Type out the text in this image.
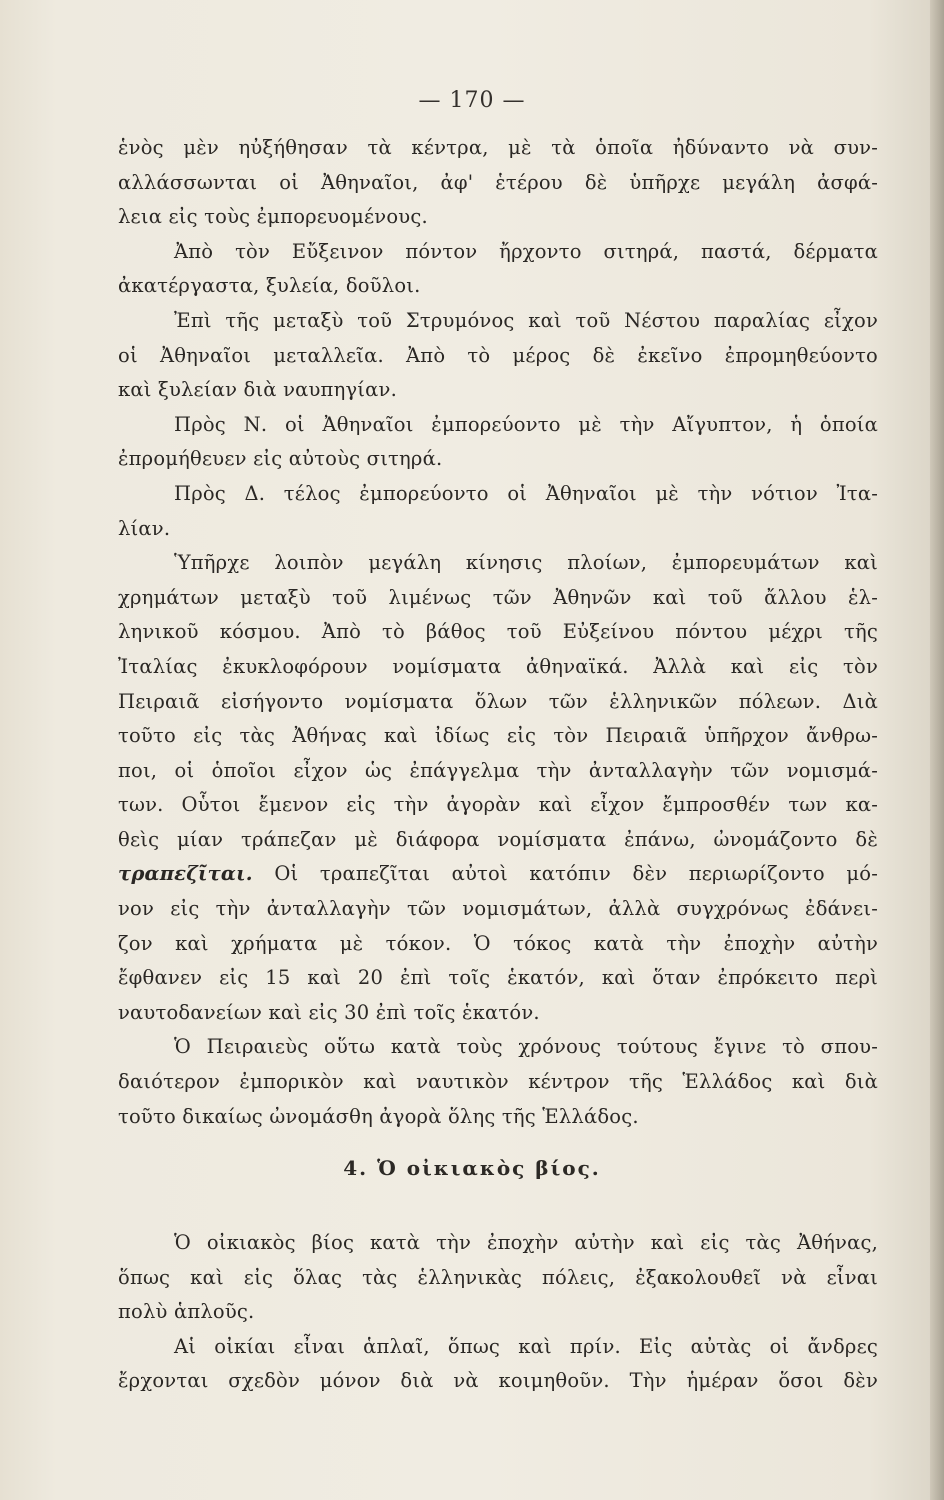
— 170 —
ἑνὸς μὲν ηὐξήθησαν τὰ κέντρα, μὲ τὰ ὁποῖα ἠδύναντο νὰ συν-
αλλάσσωνται οἱ Ἀθηναῖοι, ἀφ' ἑτέρου δὲ ὑπῆρχε μεγάλη ἀσφά-
λεια εἰς τοὺς ἐμπορευομένους.
Ἀπὸ τὸν Εὔξεινον πόντον ἤρχοντο σιτηρά, παστά, δέρματα
ἀκατέργαστα, ξυλεία, δοῦλοι.
Ἐπὶ τῆς μεταξὺ τοῦ Στρυμόνος καὶ τοῦ Νέστου παραλίας εἶχον
οἱ Ἀθηναῖοι μεταλλεῖα. Ἀπὸ τὸ μέρος δὲ ἐκεῖνο ἐπρομηθεύοντο
καὶ ξυλείαν διὰ ναυπηγίαν.
Πρὸς Ν. οἱ Ἀθηναῖοι ἐμπορεύοντο μὲ τὴν Αἴγυπτον, ἡ ὁποία
ἐπρομήθευεν εἰς αὐτοὺς σιτηρά.
Πρὸς Δ. τέλος ἐμπορεύοντο οἱ Ἀθηναῖοι μὲ τὴν νότιον Ἰτα-
λίαν.
Ὑπῆρχε λοιπὸν μεγάλη κίνησις πλοίων, ἐμπορευμάτων καὶ
χρημάτων μεταξὺ τοῦ λιμένως τῶν Ἀθηνῶν καὶ τοῦ ἄλλου ἑλ-
ληνικοῦ κόσμου. Ἀπὸ τὸ βάθος τοῦ Εὐξείνου πόντου μέχρι τῆς
Ἰταλίας ἐκυκλοφόρουν νομίσματα ἀθηναϊκά. Ἀλλὰ καὶ εἰς τὸν
Πειραιᾶ εἰσήγοντο νομίσματα ὅλων τῶν ἑλληνικῶν πόλεων. Διὰ
τοῦτο εἰς τὰς Ἀθήνας καὶ ἰδίως εἰς τὸν Πειραιᾶ ὑπῆρχον ἄνθρω-
ποι, οἱ ὁποῖοι εἶχον ὡς ἐπάγγελμα τὴν ἀνταλλαγὴν τῶν νομισμά-
των. Οὗτοι ἔμενον εἰς τὴν ἀγορὰν καὶ εἶχον ἔμπροσθέν των κα-
θεὶς μίαν τράπεζαν μὲ διάφορα νομίσματα ἐπάνω, ὠνομάζοντο δὲ
τραπεζῖται. Οἱ τραπεζῖται αὐτοὶ κατόπιν δὲν περιωρίζοντο μό-
νον εἰς τὴν ἀνταλλαγὴν τῶν νομισμάτων, ἀλλὰ συγχρόνως ἐδάνει-
ζον καὶ χρήματα μὲ τόκον. Ὁ τόκος κατὰ τὴν ἐποχὴν αὐτὴν
ἔφθανεν εἰς 15 καὶ 20 ἐπὶ τοῖς ἑκατόν, καὶ ὅταν ἐπρόκειτο περὶ
ναυτοδανείων καὶ εἰς 30 ἐπὶ τοῖς ἑκατόν.
Ὁ Πειραιεὺς οὕτω κατὰ τοὺς χρόνους τούτους ἔγινε τὸ σπου-
δαιότερον ἐμπορικὸν καὶ ναυτικὸν κέντρον τῆς Ἑλλάδος καὶ διὰ
τοῦτο δικαίως ὠνομάσθη ἀγορὰ ὅλης τῆς Ἑλλάδος.
4. Ὁ οἰκιακὸς βίος.
Ὁ οἰκιακὸς βίος κατὰ τὴν ἐποχὴν αὐτὴν καὶ εἰς τὰς Ἀθήνας,
ὅπως καὶ εἰς ὅλας τὰς ἑλληνικὰς πόλεις, ἐξακολουθεῖ νὰ εἶναι
πολὺ ἁπλοῦς.
Αἱ οἰκίαι εἶναι ἁπλαῖ, ὅπως καὶ πρίν. Εἰς αὐτὰς οἱ ἄνδρες
ἔρχονται σχεδὸν μόνον διὰ νὰ κοιμηθοῦν. Τὴν ἡμέραν ὅσοι δὲν
